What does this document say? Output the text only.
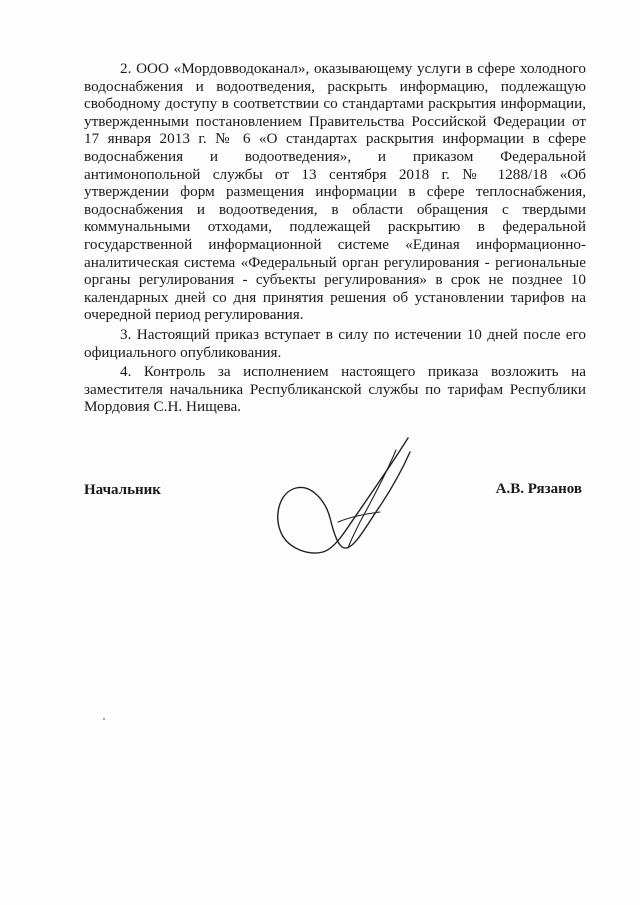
2. ООО «Мордовводоканал», оказывающему услуги в сфере холодного водоснабжения и водоотведения, раскрыть информацию, подлежащую свободному доступу в соответствии со стандартами раскрытия информации, утвержденными постановлением Правительства Российской Федерации от 17 января 2013 г. № 6 «О стандартах раскрытия информации в сфере водоснабжения и водоотведения», и приказом Федеральной антимонопольной службы от 13 сентября 2018 г. № 1288/18 «Об утверждении форм размещения информации в сфере теплоснабжения, водоснабжения и водоотведения, в области обращения с твердыми коммунальными отходами, подлежащей раскрытию в федеральной государственной информационной системе «Единая информационно-аналитическая система «Федеральный орган регулирования - региональные органы регулирования - субъекты регулирования» в срок не позднее 10 календарных дней со дня принятия решения об установлении тарифов на очередной период регулирования.

3. Настоящий приказ вступает в силу по истечении 10 дней после его официального опубликования.

4. Контроль за исполнением настоящего приказа возложить на заместителя начальника Республиканской службы по тарифам Республики Мордовия С.Н. Нищева.

Начальник	А.В. Рязанов
